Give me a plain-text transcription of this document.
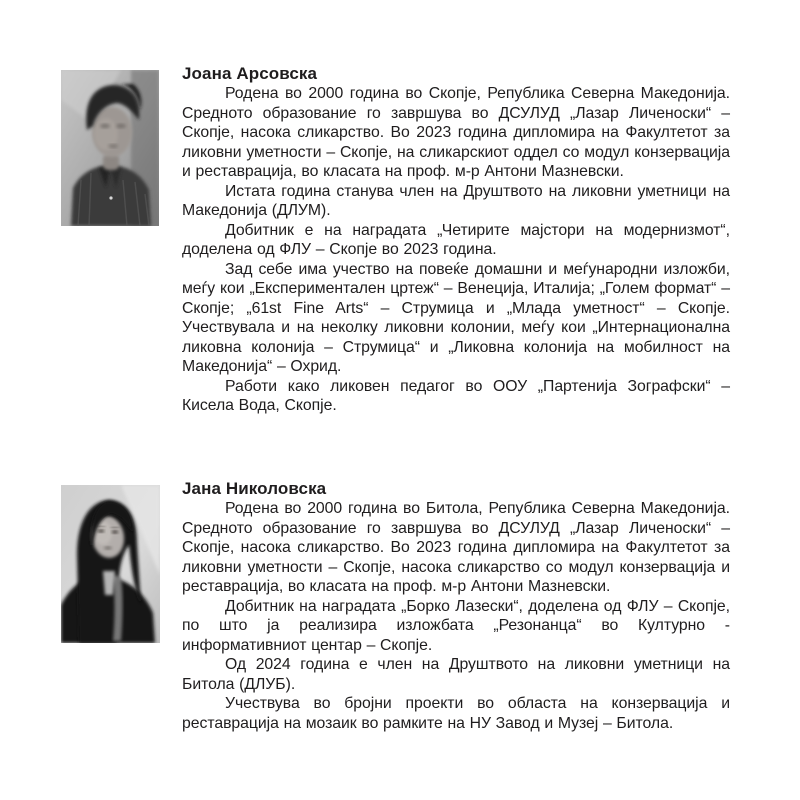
Јоана Арсовска

Родена во 2000 година во Скопје, Република Северна Македонија. Средното образование го завршува во ДСУЛУД „Лазар Личеноски“ – Скопје, насока сликарство. Во 2023 година дипломира на Факултетот за ликовни уметности – Скопје, на сликарскиот оддел со модул конзервација и реставрација, во класата на проф. м-р Антони Мазневски.

Истата година станува член на Друштвото на ликовни уметници на Македонија (ДЛУМ).

Добитник е на наградата „Четирите мајстори на модернизмот“, доделена од ФЛУ – Скопје во 2023 година.

Зад себе има учество на повеќе домашни и меѓународни изложби, меѓу кои „Експериментален цртеж“ – Венеција, Италија; „Голем формат“ – Скопје; „61st Fine Arts“ – Струмица и „Млада уметност“ – Скопје. Учествувала и на неколку ликовни колонии, меѓу кои „Интернационална ликовна колонија – Струмица“ и „Ликовна колонија на мобилност на Македонија“ – Охрид.

Работи како ликовен педагог во ООУ „Партенија Зографски“ – Кисела Вода, Скопје.

Јана Николовска

Родена во 2000 година во Битола, Република Северна Македонија. Средното образование го завршува во ДСУЛУД „Лазар Личеноски“ – Скопје, насока сликарство. Во 2023 година дипломира на Факултетот за ликовни уметности – Скопје, насока сликарство со модул конзервација и реставрација, во класата на проф. м-р Антони Мазневски.

Добитник на наградата „Борко Лазески“, доделена од ФЛУ – Скопје, по што ја реализира изложбата „Резонанца“ во Културно - информативниот центар – Скопје.

Од 2024 година е член на Друштвото на ликовни уметници на Битола (ДЛУБ).

Учествува во бројни проекти во областа на конзервација и реставрација на мозаик во рамките на НУ Завод и Музеј – Битола.
